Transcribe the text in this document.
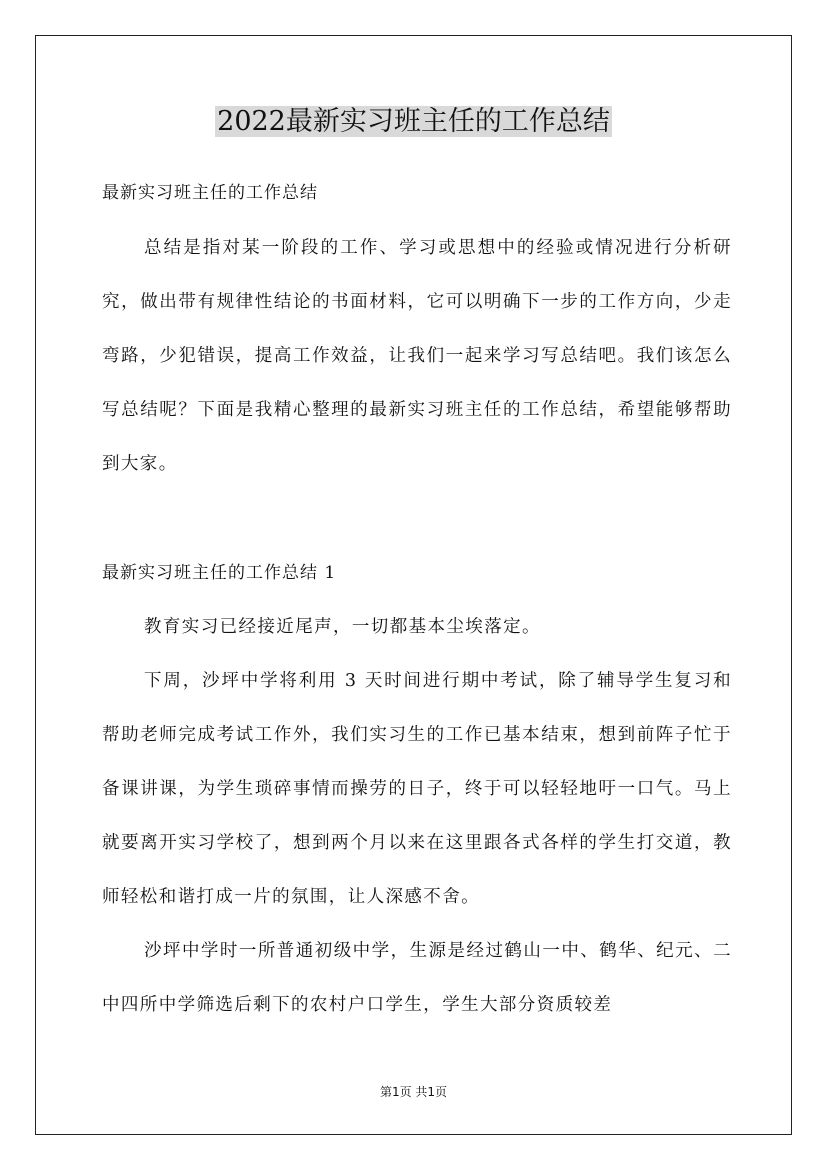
2022最新实习班主任的工作总结
最新实习班主任的工作总结

总结是指对某一阶段的工作、学习或思想中的经验或情况进行分析研究，做出带有规律性结论的书面材料，它可以明确下一步的工作方向，少走弯路，少犯错误，提高工作效益，让我们一起来学习写总结吧。我们该怎么写总结呢？下面是我精心整理的最新实习班主任的工作总结，希望能够帮助到大家。

最新实习班主任的工作总结 1

教育实习已经接近尾声，一切都基本尘埃落定。

下周，沙坪中学将利用 3 天时间进行期中考试，除了辅导学生复习和帮助老师完成考试工作外，我们实习生的工作已基本结束，想到前阵子忙于备课讲课，为学生琐碎事情而操劳的日子，终于可以轻轻地吁一口气。马上就要离开实习学校了，想到两个月以来在这里跟各式各样的学生打交道，教师轻松和谐打成一片的氛围，让人深感不舍。

沙坪中学时一所普通初级中学，生源是经过鹤山一中、鹤华、纪元、二中四所中学筛选后剩下的农村户口学生，学生大部分资质较差

第1页 共1页
